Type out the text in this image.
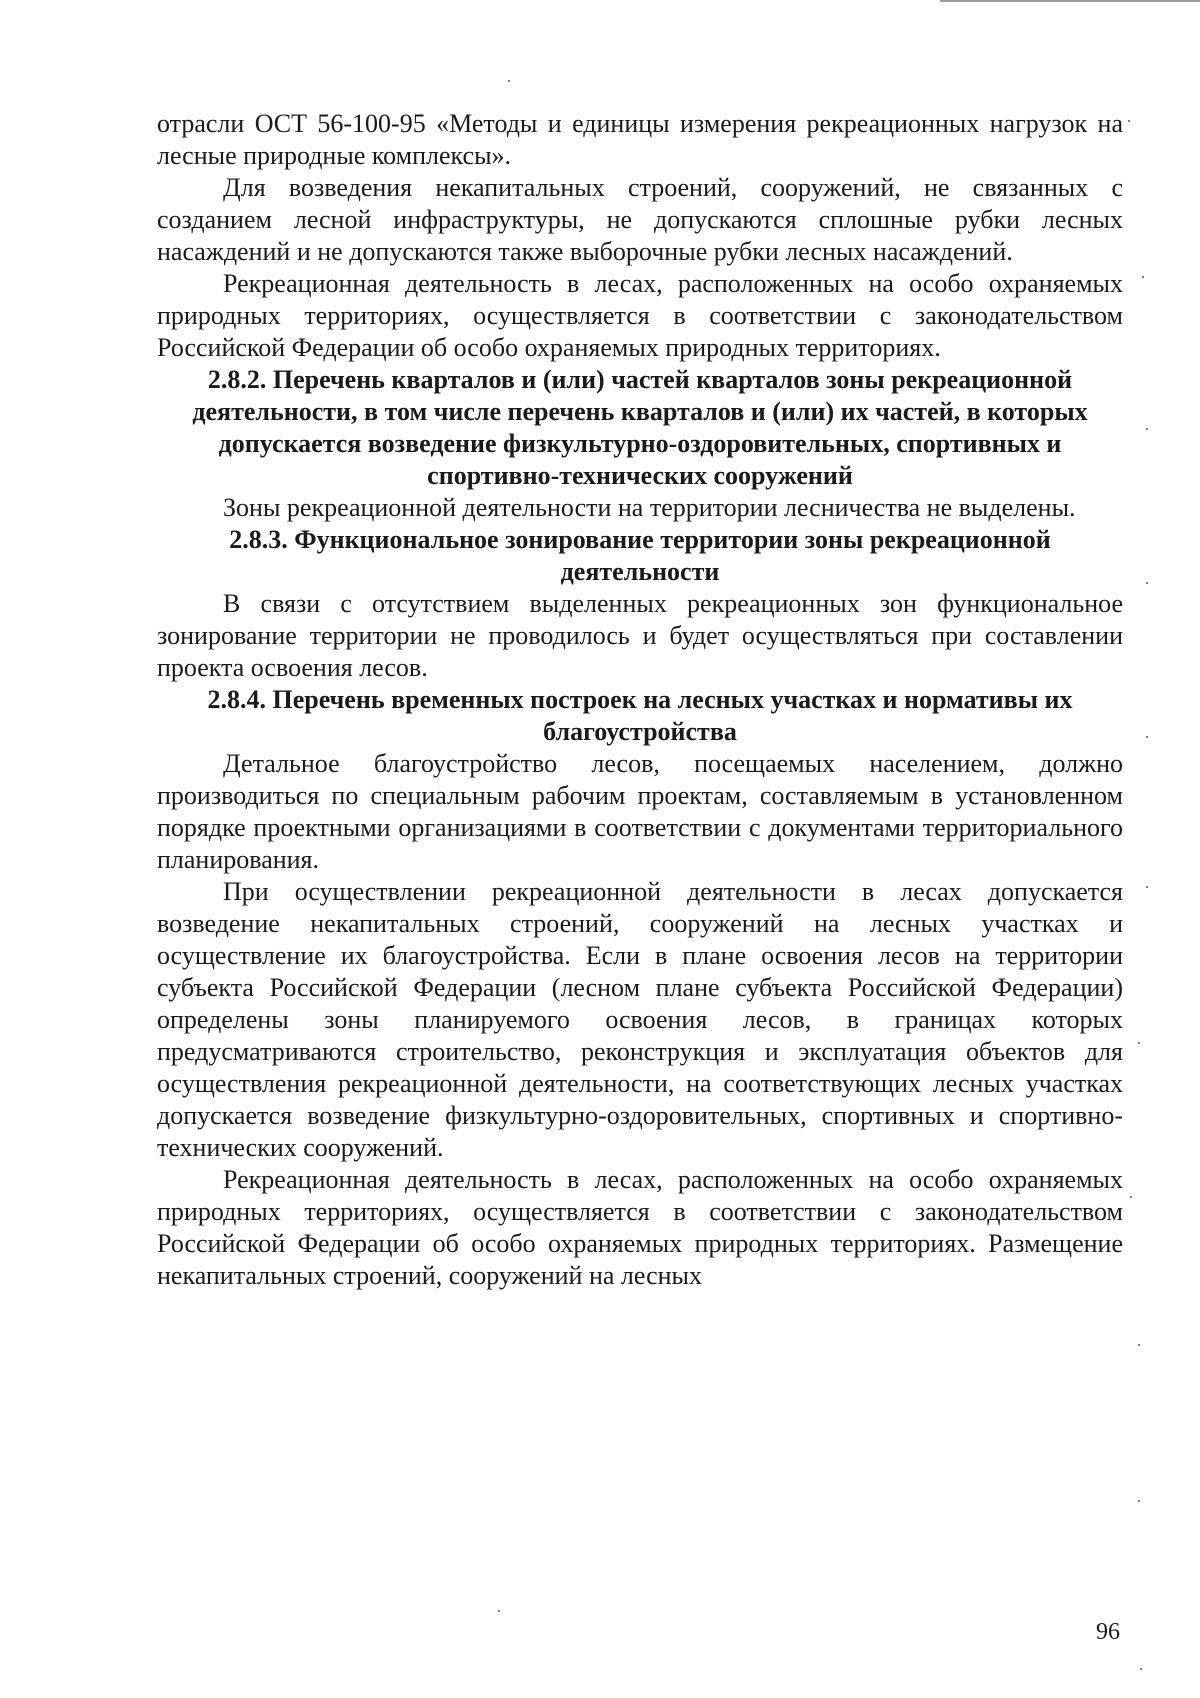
отрасли ОСТ 56-100-95 «Методы и единицы измерения рекреационных нагрузок на лесные природные комплексы».

Для возведения некапитальных строений, сооружений, не связанных с созданием лесной инфраструктуры, не допускаются сплошные рубки лесных насаждений и не допускаются также выборочные рубки лесных насаждений.

Рекреационная деятельность в лесах, расположенных на особо охраняемых природных территориях, осуществляется в соответствии с законодательством Российской Федерации об особо охраняемых природных территориях.

2.8.2. Перечень кварталов и (или) частей кварталов зоны рекреационной деятельности, в том числе перечень кварталов и (или) их частей, в которых допускается возведение физкультурно-оздоровительных, спортивных и спортивно-технических сооружений

Зоны рекреационной деятельности на территории лесничества не выделены.

2.8.3. Функциональное зонирование территории зоны рекреационной деятельности

В связи с отсутствием выделенных рекреационных зон функциональное зонирование территории не проводилось и будет осуществляться при составлении проекта освоения лесов.

2.8.4. Перечень временных построек на лесных участках и нормативы их благоустройства

Детальное благоустройство лесов, посещаемых населением, должно производиться по специальным рабочим проектам, составляемым в установленном порядке проектными организациями в соответствии с документами территориального планирования.

При осуществлении рекреационной деятельности в лесах допускается возведение некапитальных строений, сооружений на лесных участках и осуществление их благоустройства. Если в плане освоения лесов на территории субъекта Российской Федерации (лесном плане субъекта Российской Федерации) определены зоны планируемого освоения лесов, в границах которых предусматриваются строительство, реконструкция и эксплуатация объектов для осуществления рекреационной деятельности, на соответствующих лесных участках допускается возведение физкультурно-оздоровительных, спортивных и спортивно-технических сооружений.

Рекреационная деятельность в лесах, расположенных на особо охраняемых природных территориях, осуществляется в соответствии с законодательством Российской Федерации об особо охраняемых природных территориях. Размещение некапитальных строений, сооружений на лесных

96
